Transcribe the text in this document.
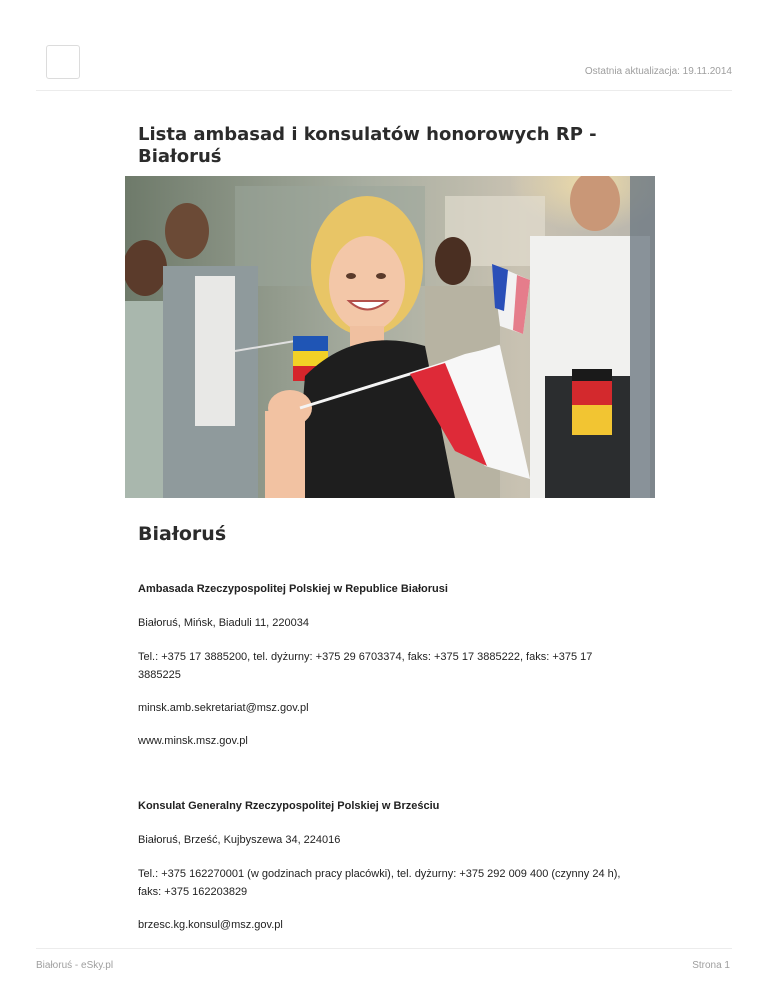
Ostatnia aktualizacja: 19.11.2014
Lista ambasad i konsulatów honorowych RP - Białoruś
Białoruś
Ambasada Rzeczypospolitej Polskiej w Republice Białorusi
Białoruś, Mińsk, Biaduli 11, 220034
Tel.: +375 17 3885200, tel. dyżurny: +375 29 6703374, faks: +375 17 3885222, faks: +375 17 3885225
minsk.amb.sekretariat@msz.gov.pl
www.minsk.msz.gov.pl
Konsulat Generalny Rzeczypospolitej Polskiej w Brześciu
Białoruś, Brześć, Kujbyszewa 34, 224016
Tel.: +375 162270001 (w godzinach pracy placówki), tel. dyżurny: +375 292 009 400 (czynny 24 h), faks: +375 162203829
brzesc.kg.konsul@msz.gov.pl
Białoruś - eSky.pl	Strona 1
